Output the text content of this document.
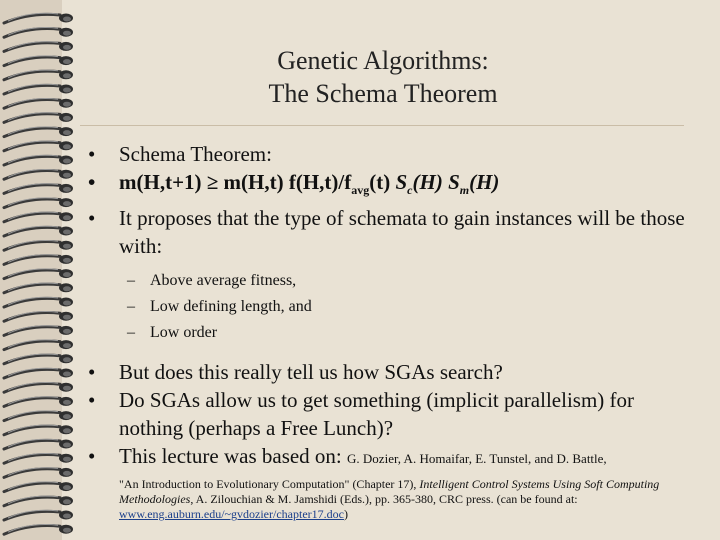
Genetic Algorithms:
The Schema Theorem
•	Schema Theorem:
•	m(H,t+1) ≥ m(H,t) $f(H,t)/f_{avg}(t)$ $S_c(H)$ $S_m(H)$
•	It proposes that the type of schemata to gain instances will be those with:
– Above average fitness,
– Low defining length, and
– Low order
•	But does this really tell us how SGAs search?
•	Do SGAs allow us to get something (implicit parallelism) for nothing (perhaps a Free Lunch)?
•	This lecture was based on: G. Dozier, A. Homaifar, E. Tunstel, and D. Battle,
"An Introduction to Evolutionary Computation" (Chapter 17), Intelligent Control Systems Using Soft Computing Methodologies, A. Zilouchian & M. Jamshidi (Eds.), pp. 365-380, CRC press. (can be found at: www.eng.auburn.edu/~gvdozier/chapter17.doc)
